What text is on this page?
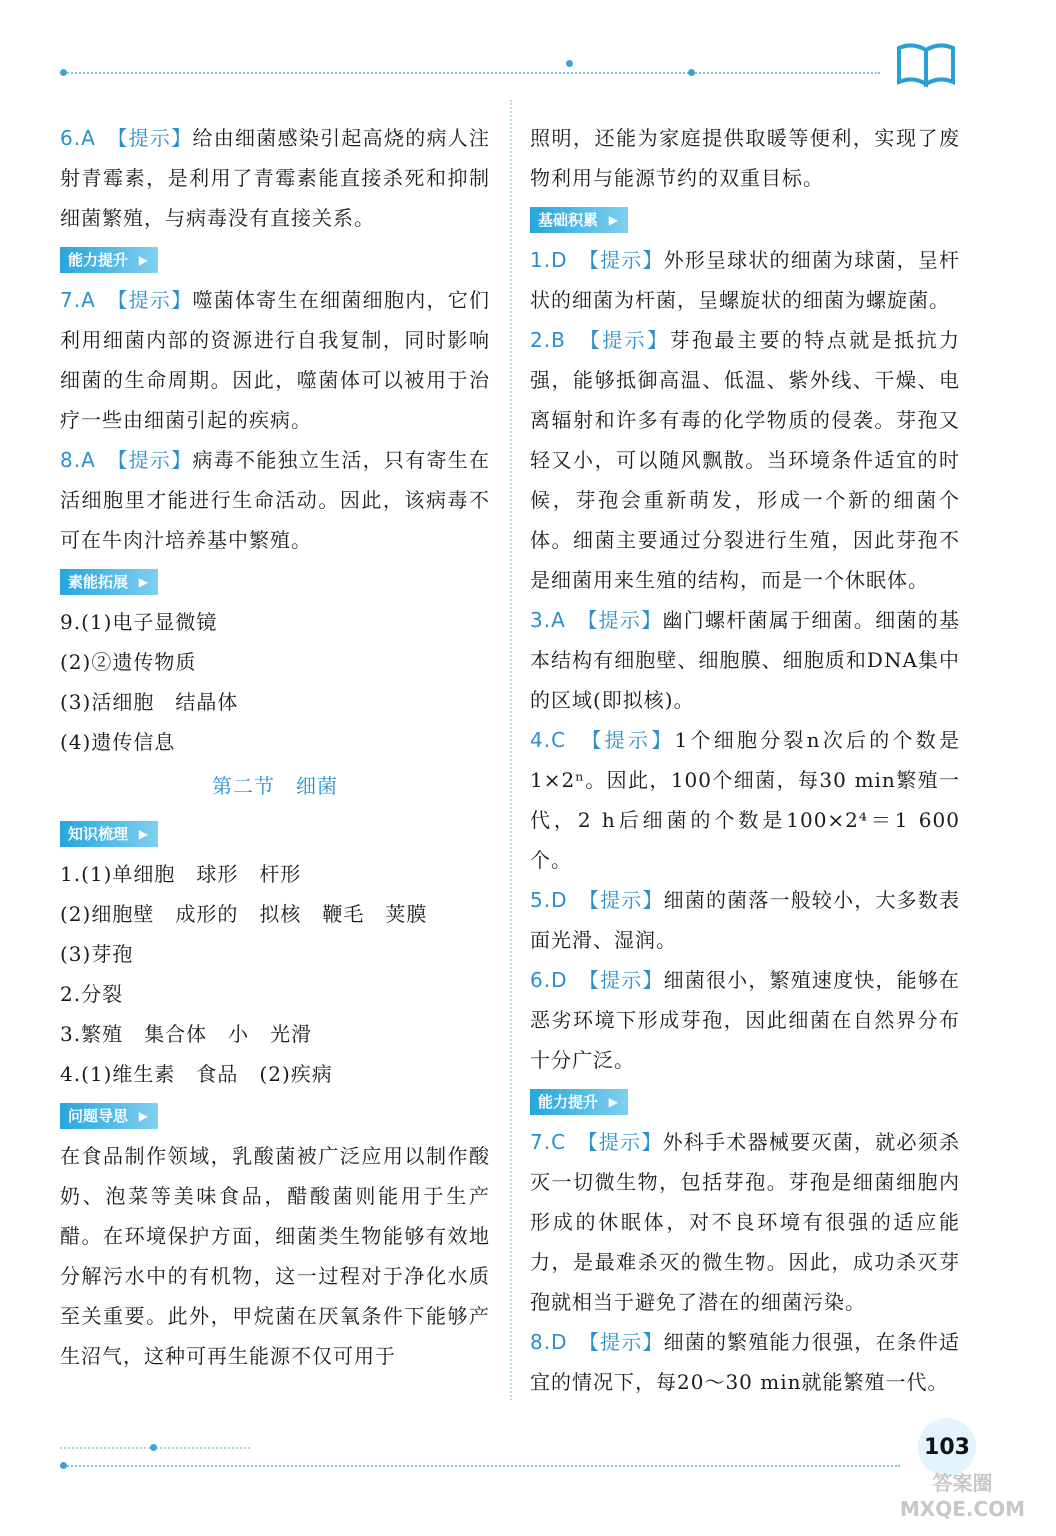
6.A　 【提示】给由细菌感染引起高烧的病人注射青霉素，是利用了青霉素能直接杀死和抑制细菌繁殖，与病毒没有直接关系。

能力提升 ▶

7.A　 【提示】噬菌体寄生在细菌细胞内，它们利用细菌内部的资源进行自我复制，同时影响细菌的生命周期。因此，噬菌体可以被用于治疗一些由细菌引起的疾病。

8.A　 【提示】病毒不能独立生活，只有寄生在活细胞里才能进行生命活动。因此，该病毒不可在牛肉汁培养基中繁殖。

素能拓展 ▶

9.(1)电子显微镜

(2)②遗传物质

(3)活细胞　结晶体

(4)遗传信息

第二节　细菌
知识梳理 ▶

1.(1)单细胞　球形　杆形

(2)细胞壁　成形的　拟核　鞭毛　荚膜

(3)芽孢

2.分裂

3.繁殖　集合体　小　光滑

4.(1)维生素　食品　(2)疾病

问题导思 ▶

在食品制作领域，乳酸菌被广泛应用以制作酸奶、泡菜等美味食品，醋酸菌则能用于生产醋。在环境保护方面，细菌类生物能够有效地分解污水中的有机物，这一过程对于净化水质至关重要。此外，甲烷菌在厌氧条件下能够产生沼气，这种可再生能源不仅可用于

照明，还能为家庭提供取暖等便利，实现了废物利用与能源节约的双重目标。

基础积累 ▶

1.D　 【提示】外形呈球状的细菌为球菌，呈杆状的细菌为杆菌，呈螺旋状的细菌为螺旋菌。

2.B　 【提示】芽孢最主要的特点就是抵抗力强，能够抵御高温、低温、紫外线、干燥、电离辐射和许多有毒的化学物质的侵袭。芽孢又轻又小，可以随风飘散。当环境条件适宜的时候，芽孢会重新萌发，形成一个新的细菌个体。细菌主要通过分裂进行生殖，因此芽孢不是细菌用来生殖的结构，而是一个休眠体。

3.A　 【提示】幽门螺杆菌属于细菌。细菌的基本结构有细胞壁、细胞膜、细胞质和DNA集中的区域(即拟核)。

4.C　 【提示】1个细胞分裂n次后的个数是1×2ⁿ。因此，100个细菌，每30 min繁殖一代，2 h后细菌的个数是100×2⁴＝1 600个。

5.D　 【提示】细菌的菌落一般较小，大多数表面光滑、湿润。

6.D　 【提示】细菌很小，繁殖速度快，能够在恶劣环境下形成芽孢，因此细菌在自然界分布十分广泛。

能力提升 ▶

7.C　 【提示】外科手术器械要灭菌，就必须杀灭一切微生物，包括芽孢。芽孢是细菌细胞内形成的休眠体，对不良环境有很强的适应能力，是最难杀灭的微生物。因此，成功杀灭芽孢就相当于避免了潜在的细菌污染。

8.D　 【提示】细菌的繁殖能力很强，在条件适宜的情况下，每20～30 min就能繁殖一代。

103
答案圈
MXQE.COM
